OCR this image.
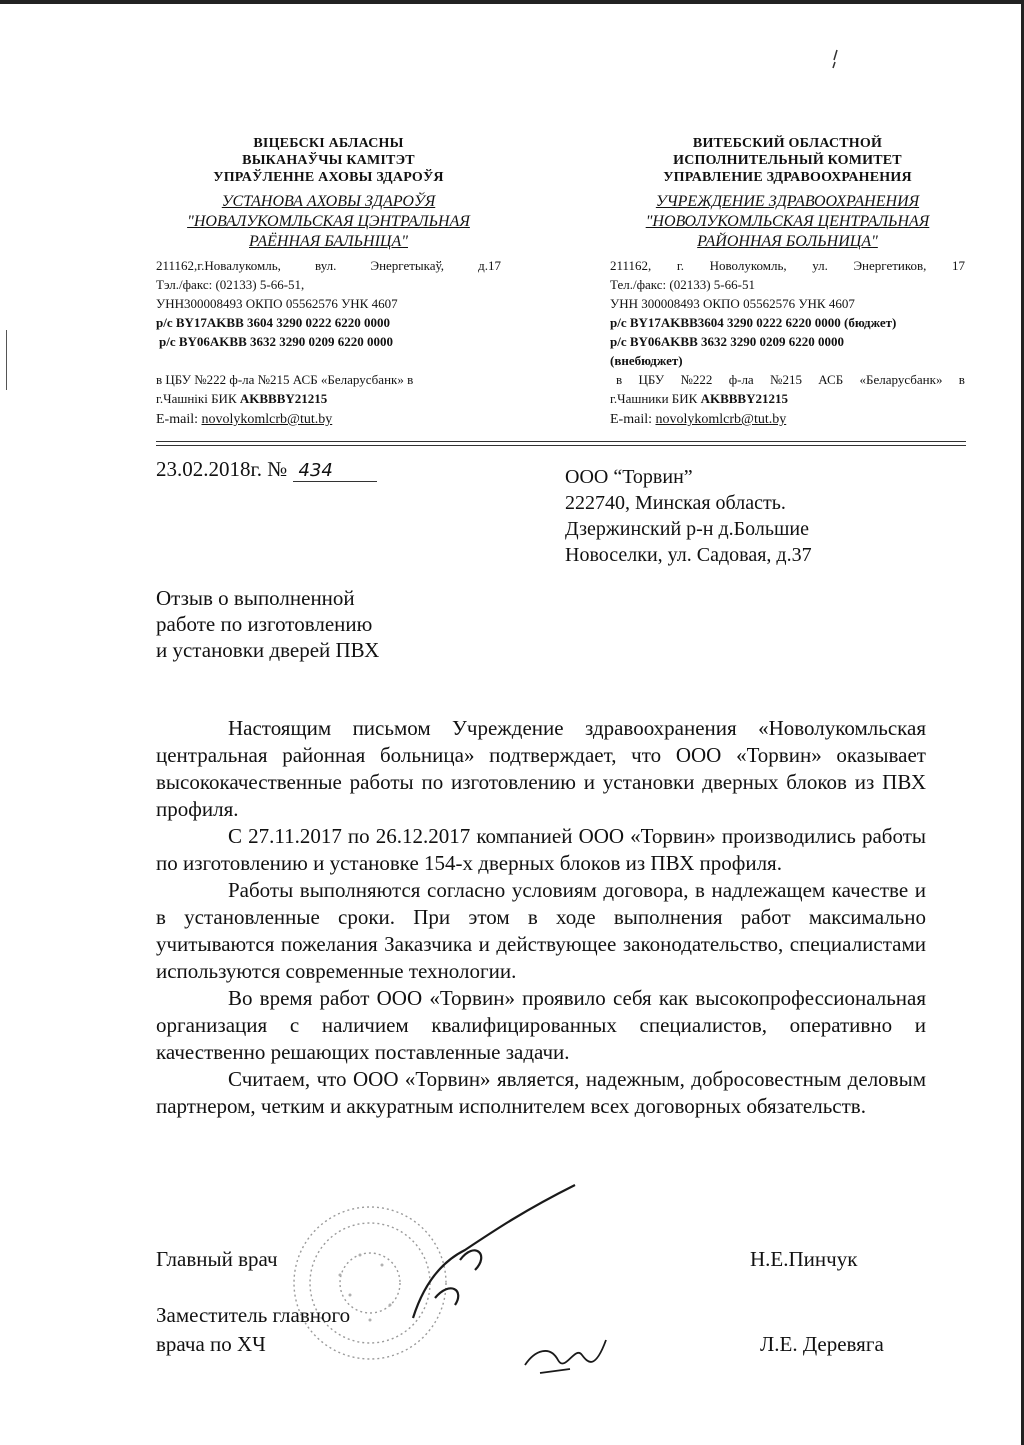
ВІЦЕБСКІ АБЛАСНЫ
ВЫКАНАЎЧЫ КАМІТЭТ
УПРАЎЛЕННЕ АХОВЫ ЗДАРОЎЯ
УСТАНОВА АХОВЫ ЗДАРОЎЯ
"НОВАЛУКОМЛЬСКАЯ ЦЭНТРАЛЬНАЯ
РАЁННАЯ БАЛЬНІЦА"
211162,г.Новалукомль,	вул.	Энергетыкаў,	д.17
Тэл./факс: (02133) 5-66-51,
УНН300008493 ОКПО 05562576 УНК 4607
р/с BY17AKBB 3604 3290 0222 6220 0000
р/с BY06AKBB 3632 3290 0209 6220 0000
в ЦБУ №222 ф-ла №215 АСБ «Беларусбанк» в
г.Чашнікі БИК AKBBBY21215
E-mail: novolykomlcrb@tut.by
ВИТЕБСКИЙ ОБЛАСТНОЙ
ИСПОЛНИТЕЛЬНЫЙ КОМИТЕТ
УПРАВЛЕНИЕ ЗДРАВООХРАНЕНИЯ
УЧРЕЖДЕНИЕ ЗДРАВООХРАНЕНИЯ
"НОВОЛУКОМЛЬСКАЯ ЦЕНТРАЛЬНАЯ
РАЙОННАЯ БОЛЬНИЦА"
211162, г. Новолукомль, ул. Энергетиков, 17
Тел./факс: (02133) 5-66-51
УНН 300008493 ОКПО 05562576 УНК 4607
р/с BY17AKBB3604 3290 0222 6220 0000 (бюджет)
р/с BY06AKBB 3632 3290 0209 6220 0000
(внебюджет)
в ЦБУ №222 ф-ла №215 АСБ «Беларусбанк» в
г.Чашники БИК AKBBBY21215
E-mail: novolykomlcrb@tut.by
23.02.2018г. № 434	ООО “Торвин”
222740, Минская область.
Дзержинский р-н д.Большие
Новоселки, ул. Садовая, д.37
Отзыв о выполненной
работе по изготовлению
и установки дверей ПВХ

Настоящим письмом Учреждение здравоохранения «Новолукомльская центральная районная больница» подтверждает, что ООО «Торвин» оказывает высококачественные работы по изготовлению и установки дверных блоков из ПВХ профиля.

С 27.11.2017 по 26.12.2017 компанией ООО «Торвин» производились работы по изготовлению и установке 154-х дверных блоков из ПВХ профиля.

Работы выполняются согласно условиям договора, в надлежащем качестве и в установленные сроки. При этом в ходе выполнения работ максимально учитываются пожелания Заказчика и действующее законодательство, специалистами используются современные технологии.

Во время работ ООО «Торвин» проявило себя как высокопрофессиональная организация с наличием квалифицированных специалистов, оперативно и качественно решающих поставленные задачи.

Считаем, что ООО «Торвин» является, надежным, добросовестным деловым партнером, четким и аккуратным исполнителем всех договорных обязательств.

Главный врач	Н.Е.Пинчук
Заместитель главного
врача по ХЧ	Л.Е. Деревяга
